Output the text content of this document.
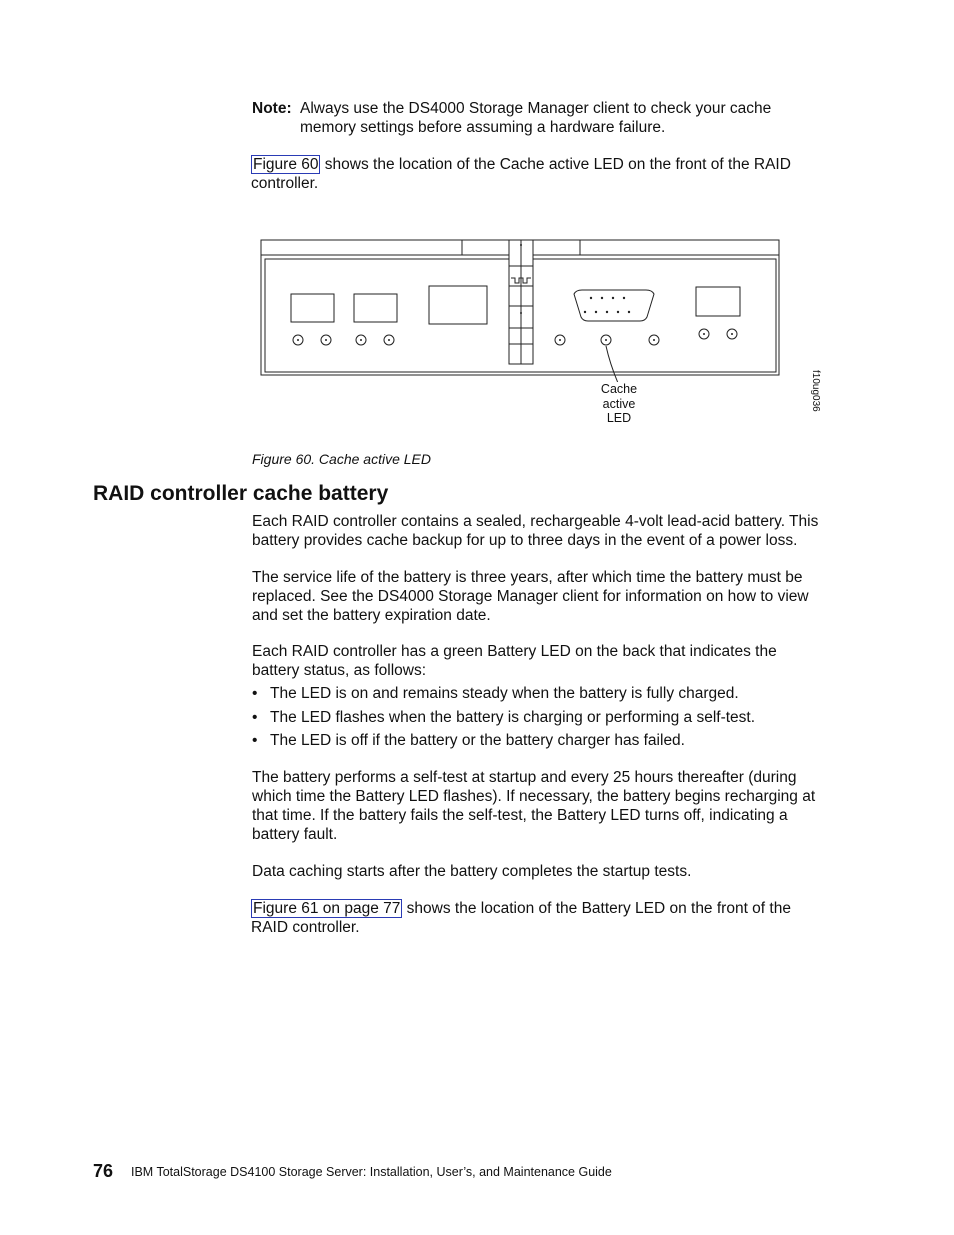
Note: Always use the DS4000 Storage Manager client to check your cache
memory settings before assuming a hardware failure.
Figure 60 shows the location of the Cache active LED on the front of the RAID
controller.
Cache
active
LED
f10ug036
Figure 60. Cache active LED
RAID controller cache battery
Each RAID controller contains a sealed, rechargeable 4-volt lead-acid battery. This
battery provides cache backup for up to three days in the event of a power loss.
The service life of the battery is three years, after which time the battery must be
replaced. See the DS4000 Storage Manager client for information on how to view
and set the battery expiration date.
Each RAID controller has a green Battery LED on the back that indicates the
battery status, as follows:
• The LED is on and remains steady when the battery is fully charged.
• The LED flashes when the battery is charging or performing a self-test.
• The LED is off if the battery or the battery charger has failed.
The battery performs a self-test at startup and every 25 hours thereafter (during
which time the Battery LED flashes). If necessary, the battery begins recharging at
that time. If the battery fails the self-test, the Battery LED turns off, indicating a
battery fault.
Data caching starts after the battery completes the startup tests.
Figure 61 on page 77 shows the location of the Battery LED on the front of the
RAID controller.
76 IBM TotalStorage DS4100 Storage Server: Installation, User’s, and Maintenance Guide
